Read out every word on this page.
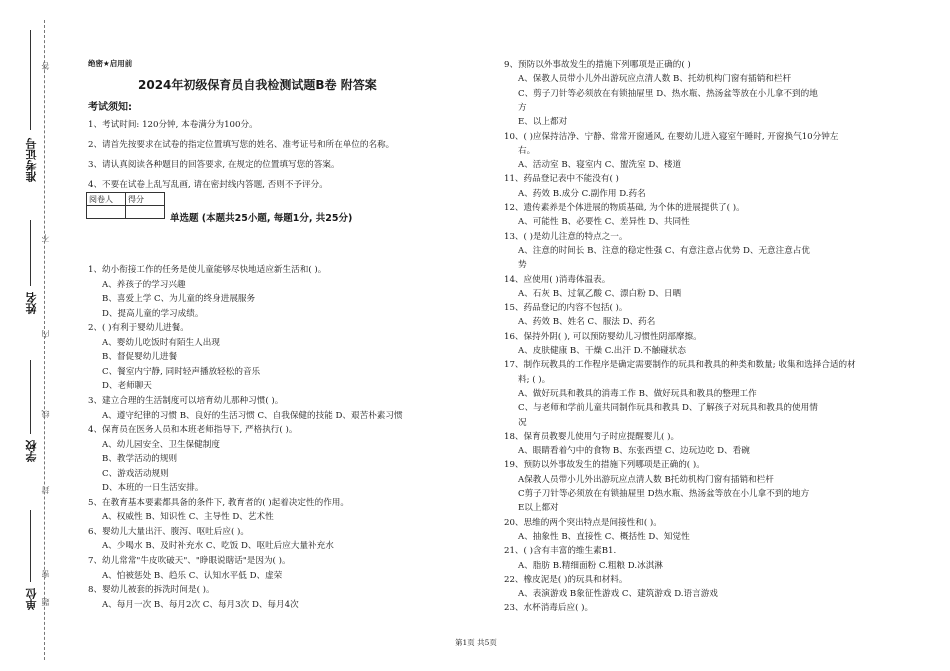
准考证号
姓名
学校
单位
答
不
内
线
封
密
题
绝密★启用前
2024年初级保育员自我检测试题B卷 附答案
考试须知:
1、考试时间: 120分钟, 本卷满分为100分。
2、请首先按要求在试卷的指定位置填写您的姓名、准考证号和所在单位的名称。
3、请认真阅读各种题目的回答要求, 在规定的位置填写您的答案。
4、不要在试卷上乱写乱画, 请在密封线内答题, 否则不予评分。
阅卷人	得分

单选题 (本题共25小题, 每题1分, 共25分)
1、幼小衔接工作的任务是使儿童能够尽快地适应新生活和( )。
A、养孩子的学习兴趣
B、喜爱上学 C、为儿童的终身进展服务
D、提高儿童的学习成绩。
2、( )有利于婴幼儿进餐。
A、婴幼儿吃饭时有陌生人出现
B、督促婴幼儿进餐
C、餐室内宁静, 同时轻声播放轻松的音乐
D、老师聊天
3、建立合理的生活制度可以培育幼儿那种习惯( )。
A、遵守纪律的习惯 B、良好的生活习惯 C、自我保健的技能 D、艰苦朴素习惯
4、保育员在医务人员和本班老师指导下, 严格执行( )。
A、幼儿园安全、卫生保健制度
B、教学活动的规则
C、游戏活动规则
D、本班的一日生活安排。
5、在教育基本要素都具备的条件下, 教育者的( )起着决定性的作用。
A、权威性 B、知识性 C、主导性 D、艺术性
6、婴幼儿大量出汗、腹泻、呕吐后应( )。
A、少喝水 B、及时补充水 C、吃饭 D、呕吐后应大量补充水
7、幼儿常常"牛皮吹破天"、"睁眼说瞎话"是因为( )。
A、怕被惩处 B、趋乐 C、认知水平低 D、虚荣
8、婴幼儿被套的拆洗时间是( )。
A、每月一次 B、每月2次 C、每月3次 D、每月4次
9、预防以外事故发生的措施下列哪项是正确的( )
A、保教人员带小儿外出游玩应点清人数 B、托幼机构门窗有插销和栏杆
C、剪子刀针等必须放在有锁抽屉里 D、热水瓶、热汤盆等放在小儿拿不到的地
方
E、以上都对
10、( )应保持洁净、宁静、常常开窗通风, 在婴幼儿进入寝室午睡时, 开窗换气10分钟左
右。
A、活动室 B、寝室内 C、盥洗室 D、楼道
11、药品登记表中不能没有( )
A、药效 B.成分 C.副作用 D.药名
12、遗传素养是个体进展的物质基础, 为个体的进展提供了( )。
A、可能性 B、必要性 C、差异性 D、共同性
13、( )是幼儿注意的特点之一。
A、注意的时间长 B、注意的稳定性强 C、有意注意占优势 D、无意注意占优
势
14、应使用( )消毒体温表。
A、石灰 B、过氧乙酸 C、漂白粉 D、日晒
15、药品登记的内容不包括( )。
A、药效 B、姓名 C、服法 D、药名
16、保持外阴( ), 可以预防婴幼儿习惯性阴部摩擦。
A、皮肤健康 B、干燥 C.出汗 D.不触碰状态
17、制作玩教具的工作程序是确定需要制作的玩具和教具的种类和数量; 收集和选择合适的材
料; ( )。
A、做好玩具和教具的消毒工作 B、做好玩具和教具的整理工作
C、与老师和学前儿童共同制作玩具和教具 D、了解孩子对玩具和教具的使用情
况
18、保育员教婴儿使用勺子时应提醒婴儿( )。
A、眼睛看着勺中的食物 B、东张西望 C、边玩边吃 D、看碗
19、预防以外事故发生的措施下列哪项是正确的( )。
A保教人员带小儿外出游玩应点清人数 B托幼机构门窗有插销和栏杆
C剪子刀针等必须放在有锁抽屉里 D热水瓶、热汤盆等放在小儿拿不到的地方
E以上都对
20、思维的两个突出特点是间接性和( )。
A、抽象性 B、直接性 C、概括性 D、知觉性
21、( )含有丰富的维生素B1.
A、脂肪 B.精细面粉 C.粗粮 D.冰淇淋
22、橡皮泥是( )的玩具和材料。
A、表演游戏 B象征性游戏 C、建筑游戏 D.语言游戏
23、水杯消毒后应( )。
第1页 共5页
